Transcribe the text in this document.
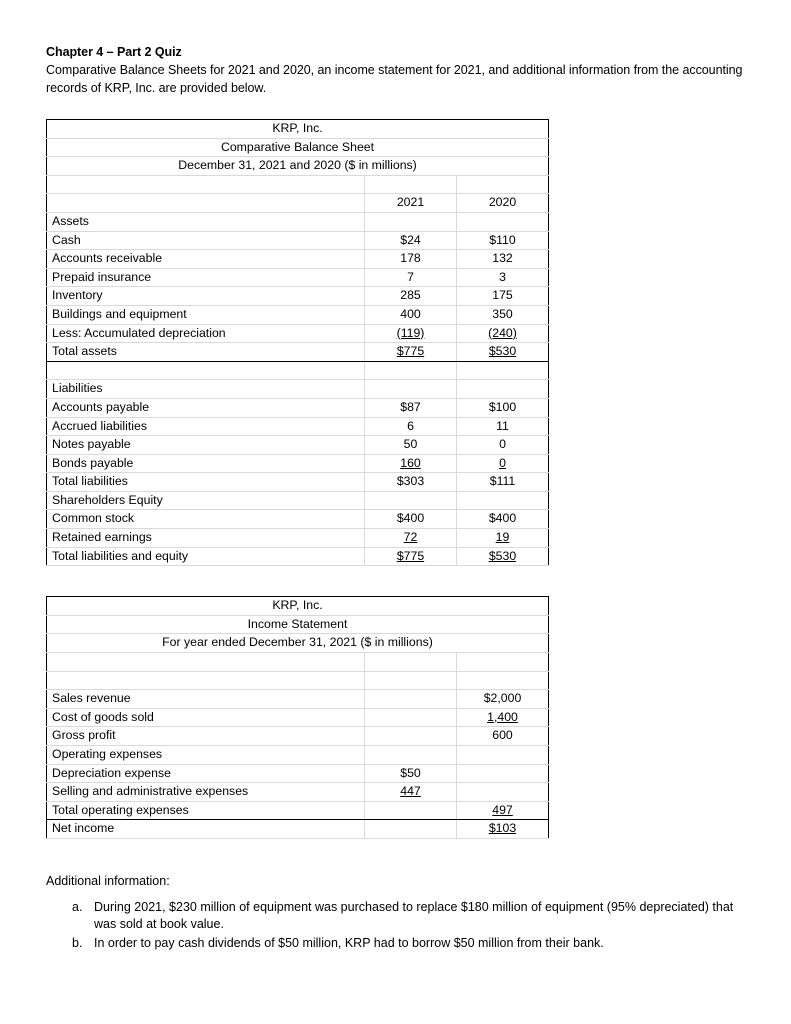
Chapter 4 – Part 2 Quiz

Comparative Balance Sheets for 2021 and 2020, an income statement for 2021, and additional information from the accounting records of KRP, Inc. are provided below.

KRP, Inc.		
Comparative Balance Sheet		
December 31, 2021 and 2020 ($ in millions)		

	2021	2020
Assets		
Cash	$24	$110
Accounts receivable	178	132
Prepaid insurance	7	3
Inventory	285	175
Buildings and equipment	400	350
Less: Accumulated depreciation	(119)	(240)
Total assets	$775	$530

Liabilities		
Accounts payable	$87	$100
Accrued liabilities	6	11
Notes payable	50	0
Bonds payable	160	0
Total liabilities	$303	$111
Shareholders Equity		
Common stock	$400	$400
Retained earnings	72	19
Total liabilities and equity	$775	$530
KRP, Inc.		
Income Statement		
For year ended December 31, 2021 ($ in millions)		

Sales revenue		$2,000
Cost of goods sold		1,400
Gross profit		600
Operating expenses		
Depreciation expense	$50	
Selling and administrative expenses	447	
Total operating expenses		497
Net income		$103

Additional information:

a. During 2021, $230 million of equipment was purchased to replace $180 million of equipment (95% depreciated) that was sold at book value.
b. In order to pay cash dividends of $50 million, KRP had to borrow $50 million from their bank.
